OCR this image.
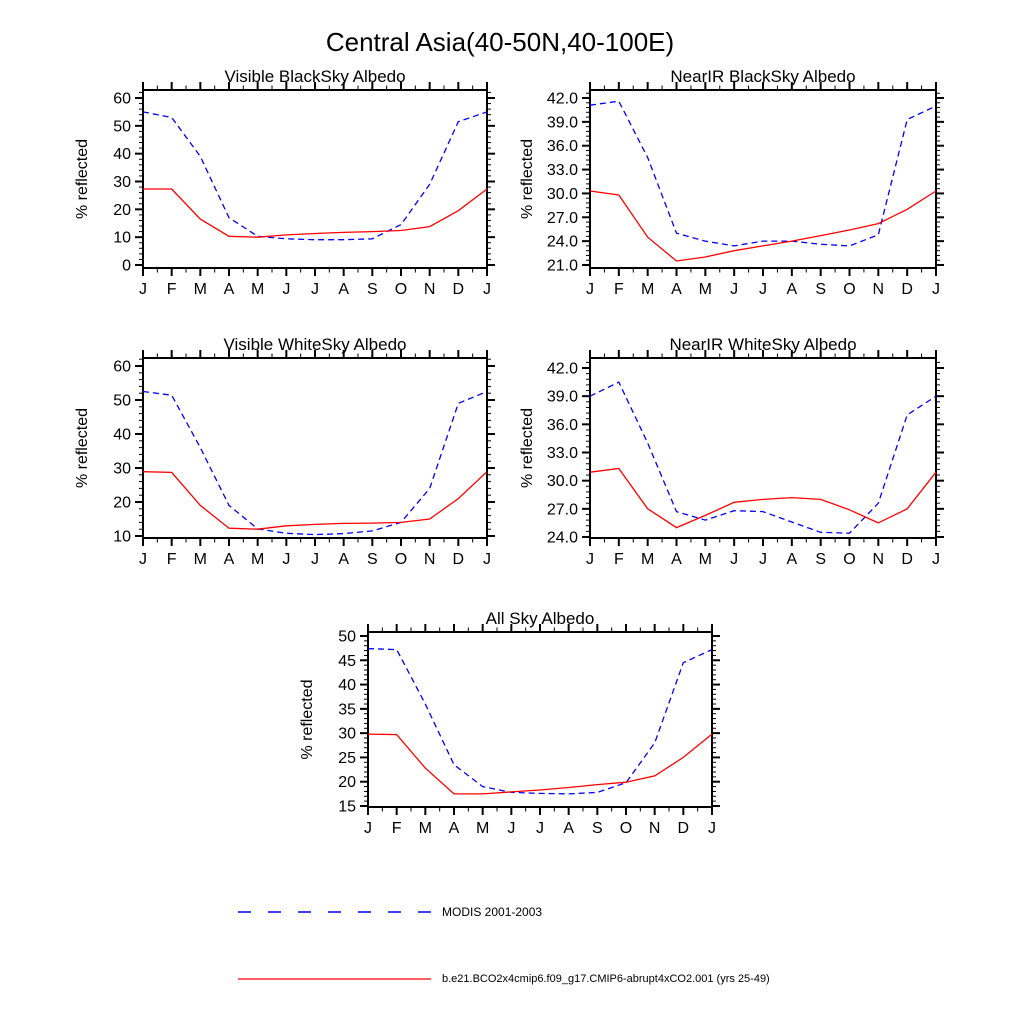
Central Asia(40-50N,40-100E)
0
10
20
30
40
50
60
J F M A M J J A S O N D J
Visible BlackSky Albedo
% reflected
21.0
24.0
27.0
30.0
33.0
36.0
39.0
42.0
J F M A M J J A S O N D J
NearIR BlackSky Albedo
% reflected
10
20
30
40
50
60
J F M A M J J A S O N D J
Visible WhiteSky Albedo
% reflected
24.0
27.0
30.0
33.0
36.0
39.0
42.0
J F M A M J J A S O N D J
NearIR WhiteSky Albedo
% reflected
15
20
25
30
35
40
45
50
J F M A M J J A S O N D J
All Sky Albedo
% reflected
MODIS 2001-2003
b.e21.BCO2x4cmip6.f09_g17.CMIP6-abrupt4xCO2.001 (yrs 25-49)
